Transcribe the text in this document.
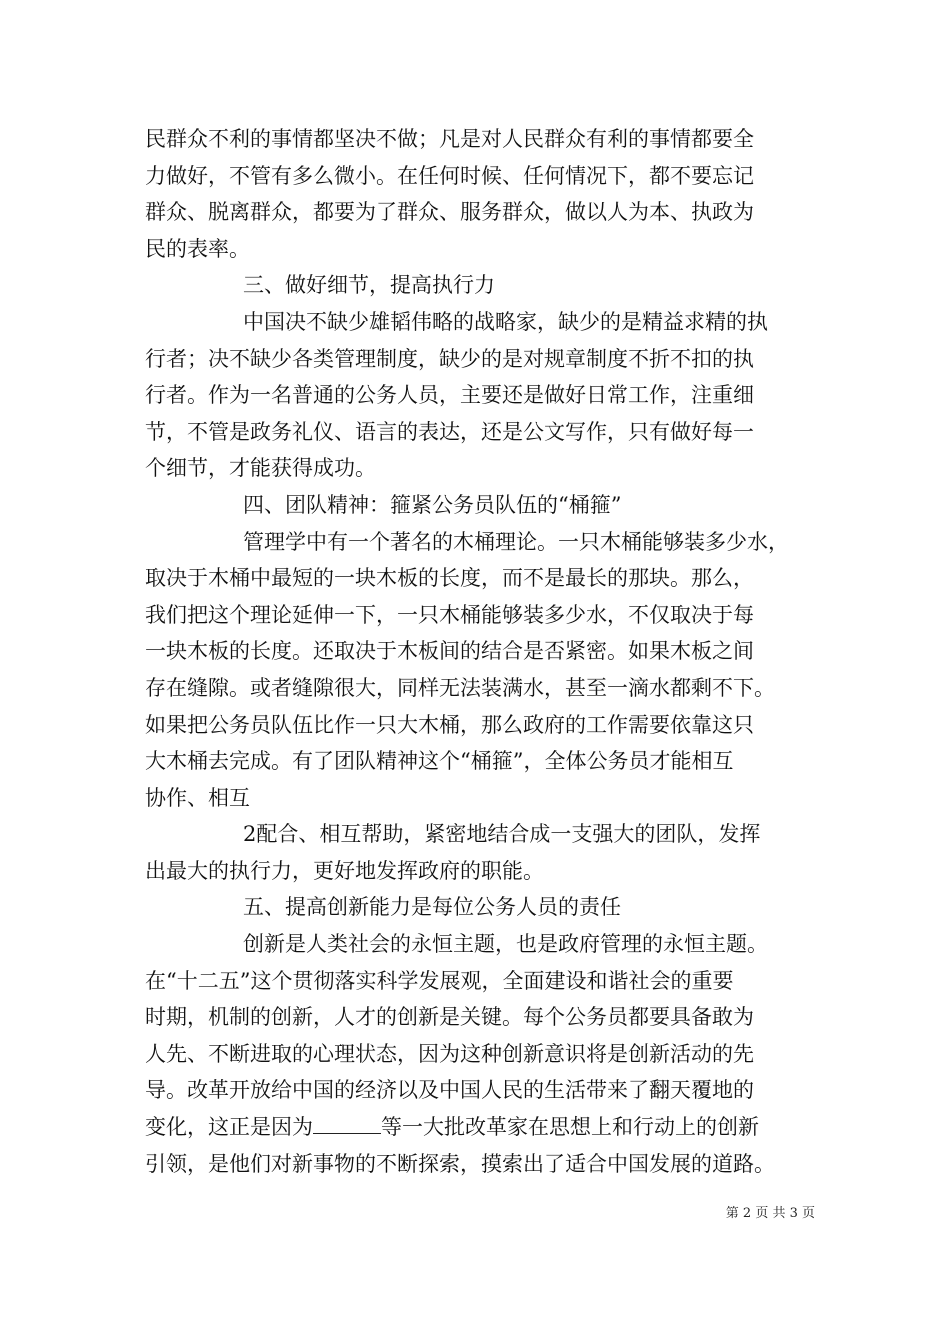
民群众不利的事情都坚决不做；凡是对人民群众有利的事情都要全
力做好，不管有多么微小。在任何时候、任何情况下，都不要忘记
群众、脱离群众，都要为了群众、服务群众，做以人为本、执政为
民的表率。
三、做好细节，提高执行力
中国决不缺少雄韬伟略的战略家，缺少的是精益求精的执
行者；决不缺少各类管理制度，缺少的是对规章制度不折不扣的执
行者。作为一名普通的公务人员，主要还是做好日常工作，注重细
节，不管是政务礼仪、语言的表达，还是公文写作，只有做好每一
个细节，才能获得成功。
四、团队精神：箍紧公务员队伍的“桶箍”
管理学中有一个著名的木桶理论。一只木桶能够装多少水，
取决于木桶中最短的一块木板的长度，而不是最长的那块。那么，
我们把这个理论延伸一下，一只木桶能够装多少水，不仅取决于每
一块木板的长度。还取决于木板间的结合是否紧密。如果木板之间
存在缝隙。或者缝隙很大，同样无法装满水，甚至一滴水都剩不下。
如果把公务员队伍比作一只大木桶，那么政府的工作需要依靠这只
大木桶去完成。有了团队精神这个“桶箍”，全体公务员才能相互
协作、相互
2配合、相互帮助，紧密地结合成一支强大的团队，发挥
出最大的执行力，更好地发挥政府的职能。
五、提高创新能力是每位公务人员的责任
创新是人类社会的永恒主题，也是政府管理的永恒主题。
在“十二五”这个贯彻落实科学发展观，全面建设和谐社会的重要
时期，机制的创新，人才的创新是关键。每个公务员都要具备敢为
人先、不断进取的心理状态，因为这种创新意识将是创新活动的先
导。改革开放给中国的经济以及中国人民的生活带来了翻天覆地的
变化，这正是因为	等一大批改革家在思想上和行动上的创新
引领，是他们对新事物的不断探索，摸索出了适合中国发展的道路。
第 2 页 共 3 页
